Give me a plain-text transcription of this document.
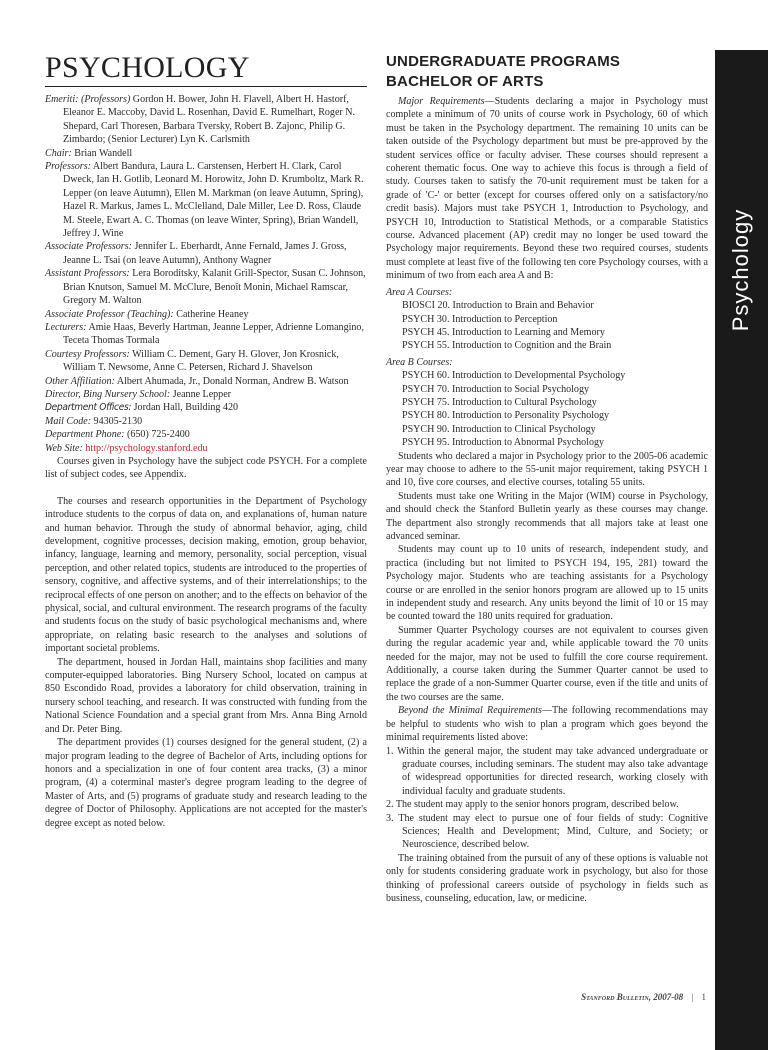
Psychology
PSYCHOLOGY

Emeriti: (Professors) Gordon H. Bower, John H. Flavell, Albert H. Hastorf, Eleanor E. Maccoby, David L. Rosenhan, David E. Rumelhart, Roger N. Shepard, Carl Thoresen, Barbara Tversky, Robert B. Zajonc, Philip G. Zimbardo; (Senior Lecturer) Lyn K. Carlsmith

Chair: Brian Wandell

Professors: Albert Bandura, Laura L. Carstensen, Herbert H. Clark, Carol Dweck, Ian H. Gotlib, Leonard M. Horowitz, John D. Krumboltz, Mark R. Lepper (on leave Autumn), Ellen M. Markman (on leave Autumn, Spring), Hazel R. Markus, James L. McClelland, Dale Miller, Lee D. Ross, Claude M. Steele, Ewart A. C. Thomas (on leave Winter, Spring), Brian Wandell, Jeffrey J. Wine

Associate Professors: Jennifer L. Eberhardt, Anne Fernald, James J. Gross, Jeanne L. Tsai (on leave Autumn), Anthony Wagner

Assistant Professors: Lera Boroditsky, Kalanit Grill-Spector, Susan C. Johnson, Brian Knutson, Samuel M. McClure, Benoît Monin, Michael Ramscar, Gregory M. Walton

Associate Professor (Teaching): Catherine Heaney

Lecturers: Amie Haas, Beverly Hartman, Jeanne Lepper, Adrienne Lomangino, Teceta Thomas Tormala

Courtesy Professors: William C. Dement, Gary H. Glover, Jon Krosnick, William T. Newsome, Anne C. Petersen, Richard J. Shavelson

Other Affiliation: Albert Ahumada, Jr., Donald Norman, Andrew B. Watson

Director, Bing Nursery School: Jeanne Lepper

Department Offices: Jordan Hall, Building 420

Mail Code: 94305-2130

Department Phone: (650) 725-2400

Web Site: http://psychology.stanford.edu

Courses given in Psychology have the subject code PSYCH. For a complete list of subject codes, see Appendix.

The courses and research opportunities in the Department of Psychology introduce students to the corpus of data on, and explanations of, human nature and human behavior. Through the study of abnormal behavior, aging, child development, cognitive processes, decision making, emotion, group behavior, infancy, language, learning and memory, personality, social perception, visual perception, and other related topics, students are introduced to the properties of sensory, cognitive, and affective systems, and of their interrelationships; to the reciprocal effects of one person on another; and to the effects on behavior of the physical, social, and cultural environment. The research programs of the faculty and students focus on the study of basic psychological mechanisms and, where appropriate, on relating basic research to the analyses and solutions of important societal problems.

The department, housed in Jordan Hall, maintains shop facilities and many computer-equipped laboratories. Bing Nursery School, located on campus at 850 Escondido Road, provides a laboratory for child observation, training in nursery school teaching, and research. It was constructed with funding from the National Science Foundation and a special grant from Mrs. Anna Bing Arnold and Dr. Peter Bing.

The department provides (1) courses designed for the general student, (2) a major program leading to the degree of Bachelor of Arts, including options for honors and a specialization in one of four content area tracks, (3) a minor program, (4) a coterminal master's degree program leading to the degree of Master of Arts, and (5) programs of graduate study and research leading to the degree of Doctor of Philosophy. Applications are not accepted for the master's degree except as noted below.

UNDERGRADUATE PROGRAMS
BACHELOR OF ARTS

Major Requirements—Students declaring a major in Psychology must complete a minimum of 70 units of course work in Psychology, 60 of which must be taken in the Psychology department. The remaining 10 units can be taken outside of the Psychology department but must be pre-approved by the student services office or faculty adviser. These courses should represent a coherent thematic focus. One way to achieve this focus is through a field of study. Courses taken to satisfy the 70-unit requirement must be taken for a grade of 'C-' or better (except for courses offered only on a satisfactory/no credit basis). Majors must take PSYCH 1, Introduction to Psychology, and PSYCH 10, Introduction to Statistical Methods, or a comparable Statistics course. Advanced placement (AP) credit may no longer be used toward the Psychology major requirements. Beyond these two required courses, students must complete at least five of the following ten core Psychology courses, with a minimum of two from each area A and B:

Area A Courses:

BIOSCI 20. Introduction to Brain and Behavior

PSYCH 30. Introduction to Perception

PSYCH 45. Introduction to Learning and Memory

PSYCH 55. Introduction to Cognition and the Brain

Area B Courses:

PSYCH 60. Introduction to Developmental Psychology

PSYCH 70. Introduction to Social Psychology

PSYCH 75. Introduction to Cultural Psychology

PSYCH 80. Introduction to Personality Psychology

PSYCH 90. Introduction to Clinical Psychology

PSYCH 95. Introduction to Abnormal Psychology

Students who declared a major in Psychology prior to the 2005-06 academic year may choose to adhere to the 55-unit major requirement, taking PSYCH 1 and 10, five core courses, and elective courses, totaling 55 units.

Students must take one Writing in the Major (WIM) course in Psychology, and should check the Stanford Bulletin yearly as these courses may change. The department also strongly recommends that all majors take at least one advanced seminar.

Students may count up to 10 units of research, independent study, and practica (including but not limited to PSYCH 194, 195, 281) toward the Psychology major. Students who are teaching assistants for a Psychology course or are enrolled in the senior honors program are allowed up to 15 units in independent study and research. Any units beyond the limit of 10 or 15 may be counted toward the 180 units required for graduation.

Summer Quarter Psychology courses are not equivalent to courses given during the regular academic year and, while applicable toward the 70 units needed for the major, may not be used to fulfill the core course requirement. Additionally, a course taken during the Summer Quarter cannot be used to replace the grade of a non-Summer Quarter course, even if the title and units of the two courses are the same.

Beyond the Minimal Requirements—The following recommendations may be helpful to students who wish to plan a program which goes beyond the minimal requirements listed above:

1. Within the general major, the student may take advanced undergraduate or graduate courses, including seminars. The student may also take advantage of widespread opportunities for directed research, working closely with individual faculty and graduate students.
2. The student may apply to the senior honors program, described below.
3. The student may elect to pursue one of four fields of study: Cognitive Sciences; Health and Development; Mind, Culture, and Society; or Neuroscience, described below.

The training obtained from the pursuit of any of these options is valuable not only for students considering graduate work in psychology, but also for those thinking of professional careers outside of psychology in fields such as business, counseling, education, law, or medicine.

Stanford Bulletin, 2007-08 | 1
